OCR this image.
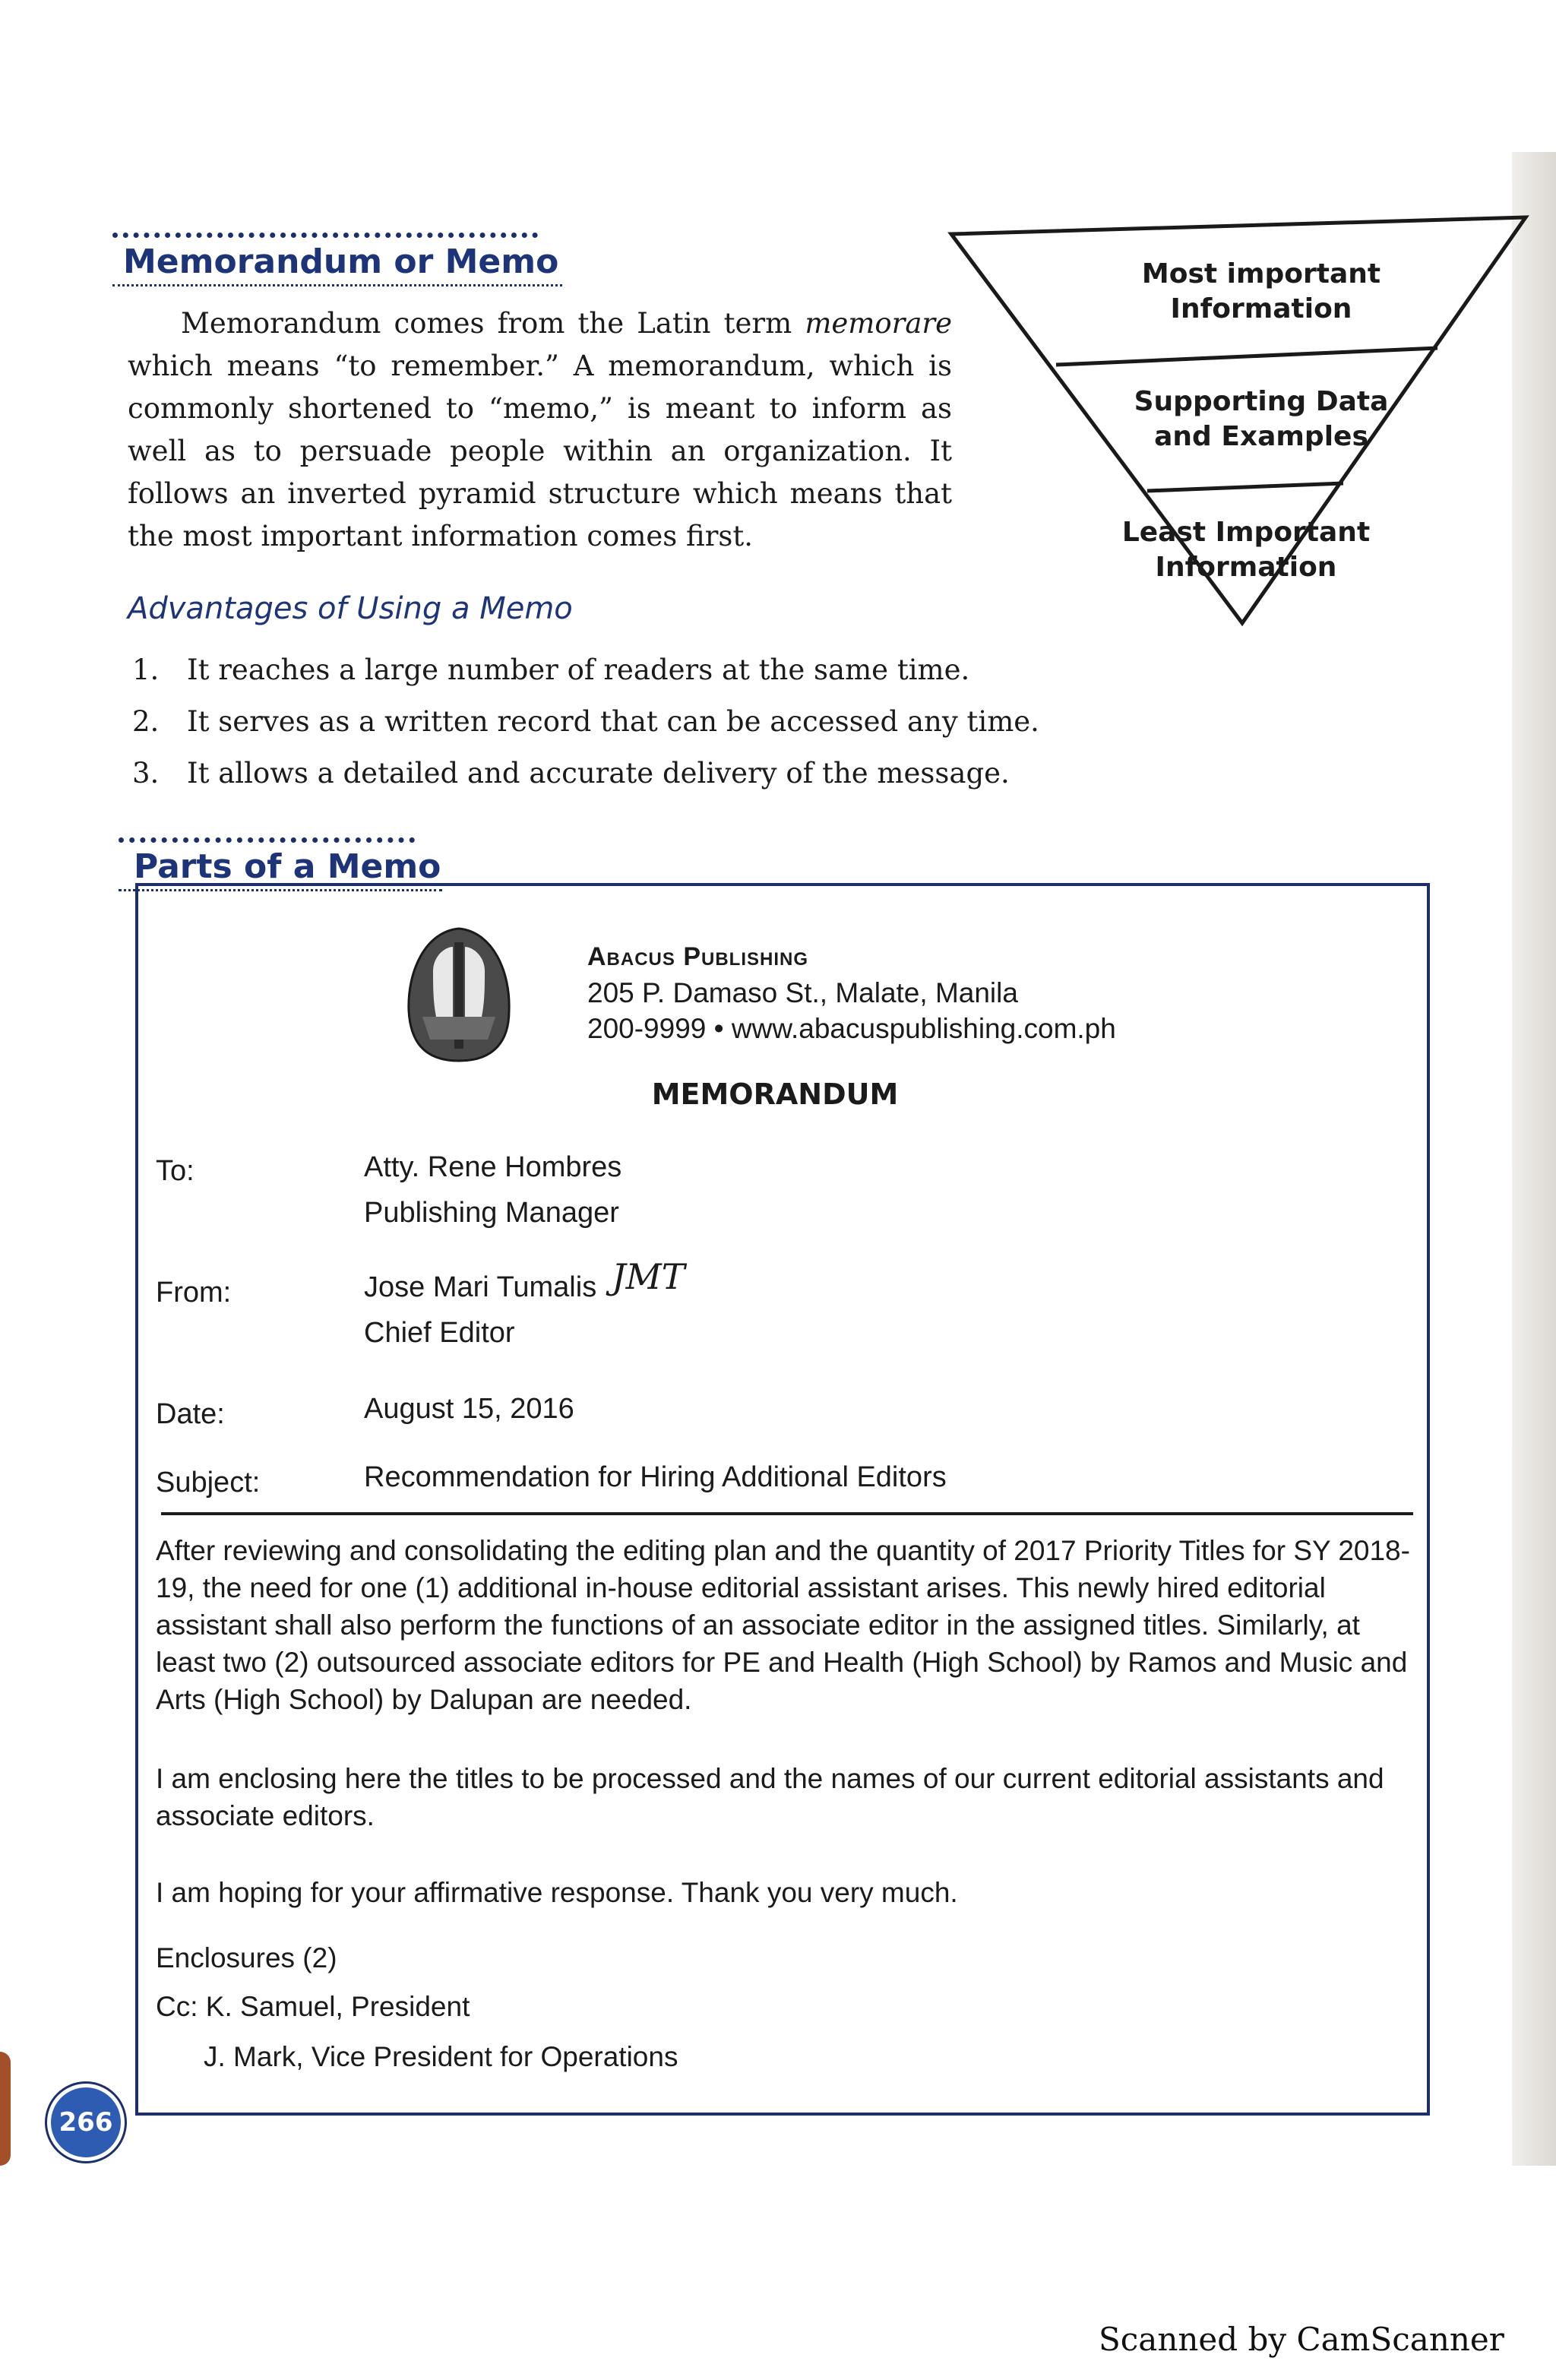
Memorandum or Memo
Memorandum comes from the Latin term memorare which means “to remember.” A memorandum, which is commonly shortened to “memo,” is meant to inform as well as to persuade people within an organization. It follows an inverted pyramid structure which means that the most important information comes first.
Advantages of Using a Memo
1. It reaches a large number of readers at the same time.
2. It serves as a written record that can be accessed any time.
3. It allows a detailed and accurate delivery of the message.
Most important
Information
Supporting Data
and Examples
Least Important
Information
Parts of a Memo
Abacus Publishing
205 P. Damaso St., Malate, Manila
200-9999 • www.abacuspublishing.com.ph
MEMORANDUM
To:	Atty. Rene Hombres
Publishing Manager
From:	Jose Mari Tumalis JMT
Chief Editor
Date:	August 15, 2016
Subject:	Recommendation for Hiring Additional Editors
After reviewing and consolidating the editing plan and the quantity of 2017 Priority Titles for SY 2018-19, the need for one (1) additional in-house editorial assistant arises. This newly hired editorial assistant shall also perform the functions of an associate editor in the assigned titles. Similarly, at least two (2) outsourced associate editors for PE and Health (High School) by Ramos and Music and Arts (High School) by Dalupan are needed.
I am enclosing here the titles to be processed and the names of our current editorial assistants and associate editors.
I am hoping for your affirmative response. Thank you very much.
Enclosures (2)
Cc: K. Samuel, President
J. Mark, Vice President for Operations
266
Scanned by CamScanner
